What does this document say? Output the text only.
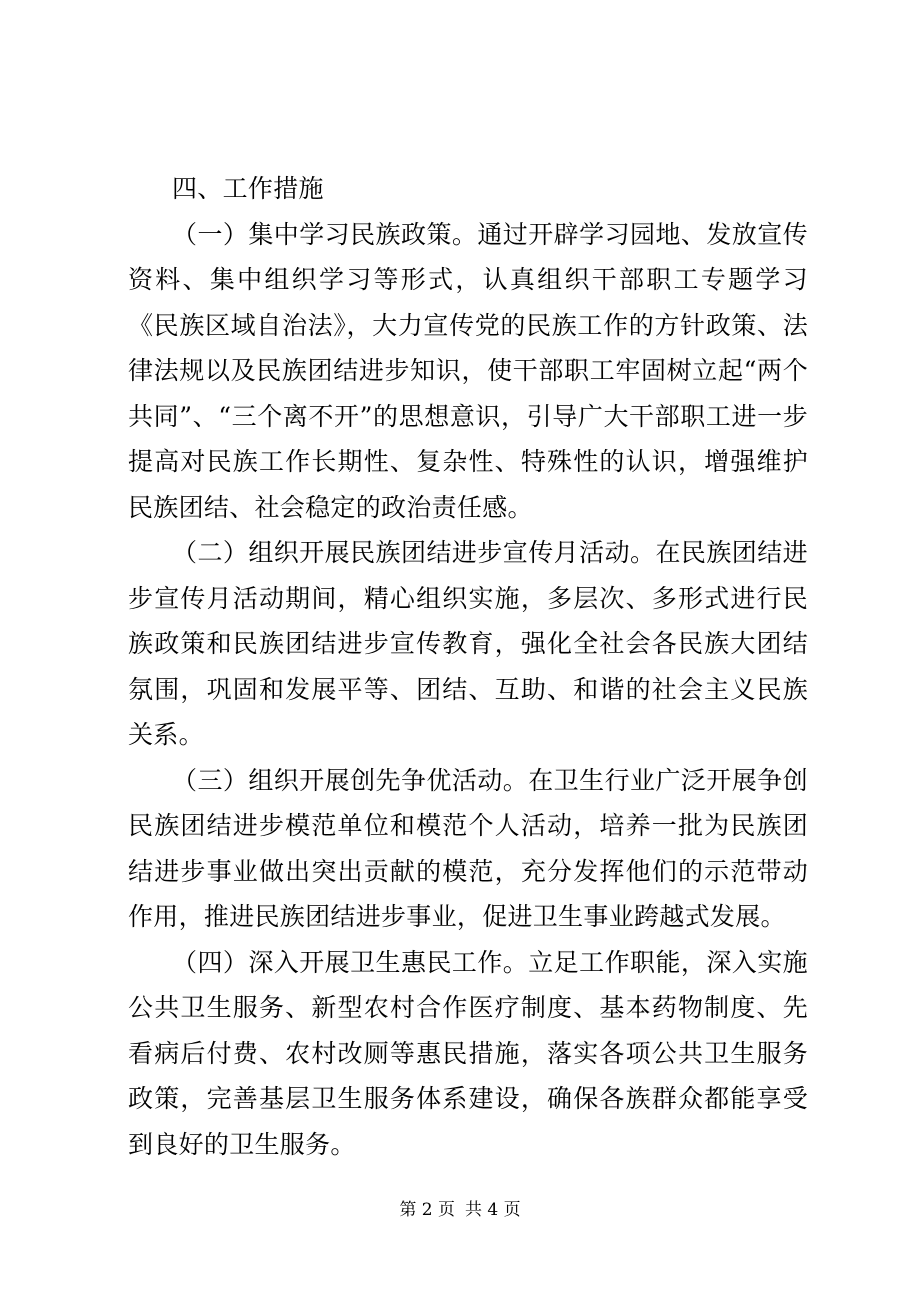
四、工作措施

（一）集中学习民族政策。通过开辟学习园地、发放宣传资料、集中组织学习等形式，认真组织干部职工专题学习《民族区域自治法》，大力宣传党的民族工作的方针政策、法律法规以及民族团结进步知识，使干部职工牢固树立起“两个共同”、“三个离不开”的思想意识，引导广大干部职工进一步提高对民族工作长期性、复杂性、特殊性的认识，增强维护民族团结、社会稳定的政治责任感。

（二）组织开展民族团结进步宣传月活动。在民族团结进步宣传月活动期间，精心组织实施，多层次、多形式进行民族政策和民族团结进步宣传教育，强化全社会各民族大团结氛围，巩固和发展平等、团结、互助、和谐的社会主义民族关系。

（三）组织开展创先争优活动。在卫生行业广泛开展争创民族团结进步模范单位和模范个人活动，培养一批为民族团结进步事业做出突出贡献的模范，充分发挥他们的示范带动作用，推进民族团结进步事业，促进卫生事业跨越式发展。

（四）深入开展卫生惠民工作。立足工作职能，深入实施公共卫生服务、新型农村合作医疗制度、基本药物制度、先看病后付费、农村改厕等惠民措施，落实各项公共卫生服务政策，完善基层卫生服务体系建设，确保各族群众都能享受到良好的卫生服务。

第 2 页 共 4 页
